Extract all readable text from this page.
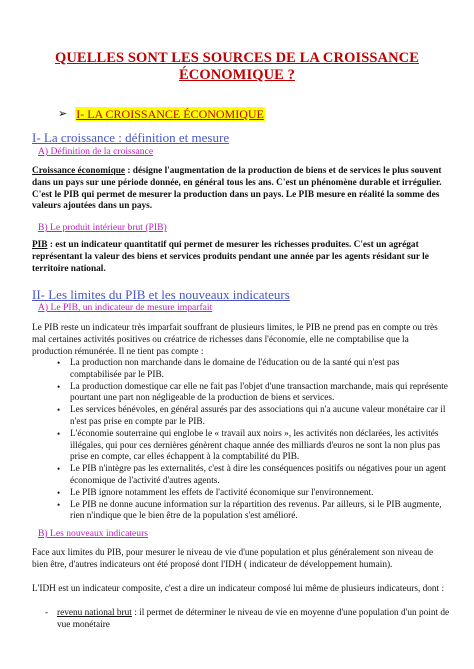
QUELLES SONT LES SOURCES DE LA CROISSANCE
ÉCONOMIQUE ?
➢ I- LA CROISSANCE ÉCONOMIQUE
I- La croissance : définition et mesure
A) Définition de la croissance

Croissance économique : désigne l'augmentation de la production de biens et de services le plus souvent dans un pays sur une période donnée, en général tous les ans. C'est un phénomène durable et irrégulier. C'est le PIB qui permet de mesurer la production dans un pays. Le PIB mesure en réalité la somme des valeurs ajoutées dans un pays.

B) Le produit intérieur brut (PIB)

PIB : est un indicateur quantitatif qui permet de mesurer les richesses produites. C'est un agrégat représentant la valeur des biens et services produits pendant une année par les agents résidant sur le territoire national.

II- Les limites du PIB et les nouveaux indicateurs
A) Le PIB, un indicateur de mesure imparfait

Le PIB reste un indicateur très imparfait souffrant de plusieurs limites, le PIB ne prend pas en compte ou très mal certaines activités positives ou créatrice de richesses dans l'économie, elle ne comptabilise que la production rémunérée. Il ne tient pas compte :

• La production non marchande dans le domaine de l'éducation ou de la santé qui n'est pas comptabilisée par le PIB.
• La production domestique car elle ne fait pas l'objet d'une transaction marchande, mais qui représente pourtant une part non négligeable de la production de biens et services.
• Les services bénévoles, en général assurés par des associations qui n'a aucune valeur monétaire car il n'est pas prise en compte par le PIB.
• L'économie souterraine qui englobe le « travail aux noirs », les activités non déclarées, les activités illégales, qui pour ces dernières génèrent chaque année des milliards d'euros ne sont la non plus pas prise en compte, car elles échappent à la comptabilité du PIB.
• Le PIB n'intègre pas les externalités, c'est à dire les conséquences positifs ou négatives pour un agent économique de l'activité d'autres agents.
• Le PIB ignore notamment les effets de l'activité économique sur l'environnement.
• Le PIB ne donne aucune information sur la répartition des revenus. Par ailleurs, si le PIB augmente, rien n'indique que le bien être de la population s'est amélioré.
B) Les nouveaux indicateurs

Face aux limites du PIB, pour mesurer le niveau de vie d'une population et plus généralement son niveau de bien être, d'autres indicateurs ont été proposé dont l'IDH ( indicateur de développement humain).

L'IDH est un indicateur composite, c'est a dire un indicateur composé lui même de plusieurs indicateurs, dont :

- revenu national brut : il permet de déterminer le niveau de vie en moyenne d'une population d'un point de vue monétaire
